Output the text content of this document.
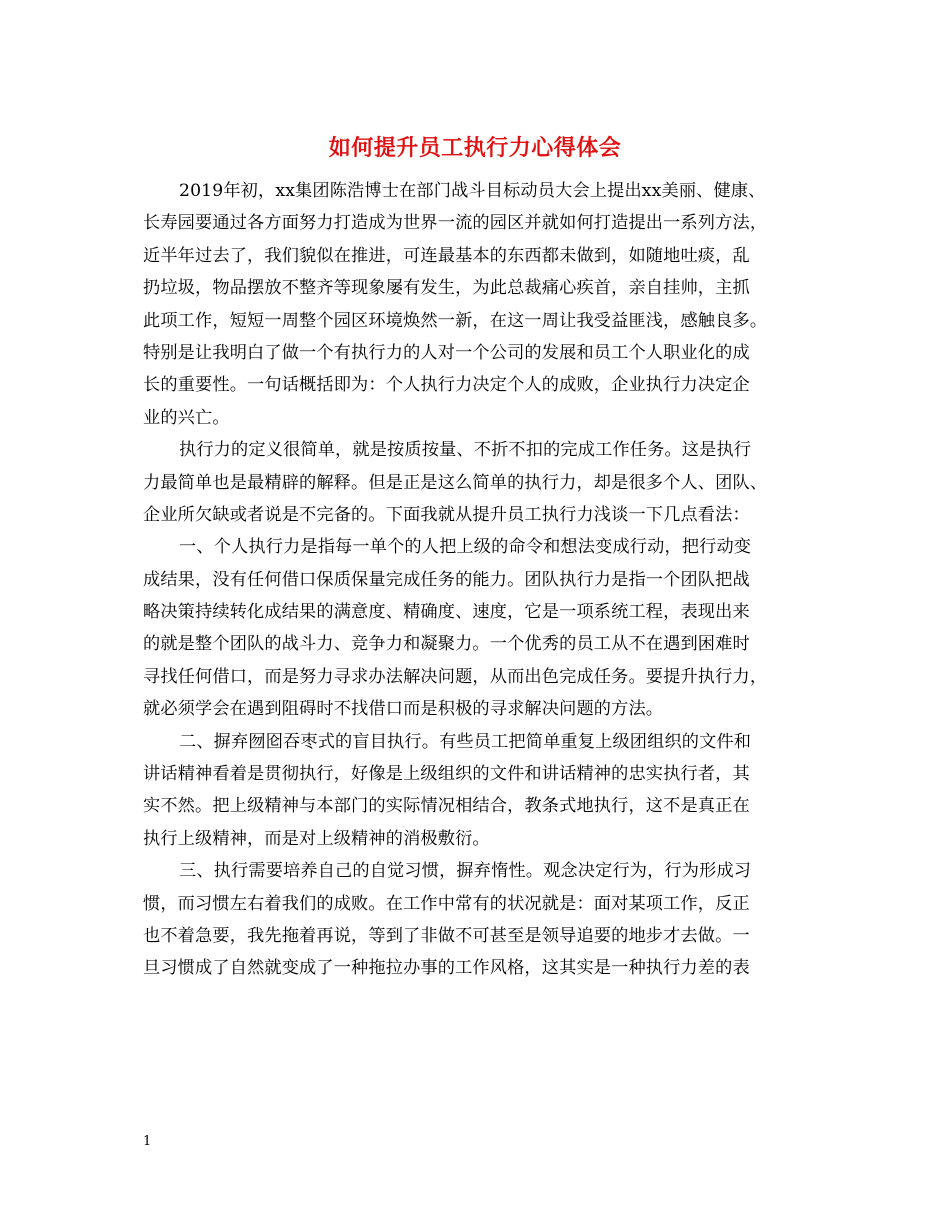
如何提升员工执行力心得体会
2019年初，xx集团陈浩博士在部门战斗目标动员大会上提出xx美丽、健康、
长寿园要通过各方面努力打造成为世界一流的园区并就如何打造提出一系列方法，
近半年过去了，我们貌似在推进，可连最基本的东西都未做到，如随地吐痰，乱
扔垃圾，物品摆放不整齐等现象屡有发生，为此总裁痛心疾首，亲自挂帅，主抓
此项工作，短短一周整个园区环境焕然一新，在这一周让我受益匪浅，感触良多。
特别是让我明白了做一个有执行力的人对一个公司的发展和员工个人职业化的成
长的重要性。一句话概括即为：个人执行力决定个人的成败，企业执行力决定企
业的兴亡。
执行力的定义很简单，就是按质按量、不折不扣的完成工作任务。这是执行
力最简单也是最精辟的解释。但是正是这么简单的执行力，却是很多个人、团队、
企业所欠缺或者说是不完备的。下面我就从提升员工执行力浅谈一下几点看法：
一、个人执行力是指每一单个的人把上级的命令和想法变成行动，把行动变
成结果，没有任何借口保质保量完成任务的能力。团队执行力是指一个团队把战
略决策持续转化成结果的满意度、精确度、速度，它是一项系统工程，表现出来
的就是整个团队的战斗力、竞争力和凝聚力。一个优秀的员工从不在遇到困难时
寻找任何借口，而是努力寻求办法解决问题，从而出色完成任务。要提升执行力，
就必须学会在遇到阻碍时不找借口而是积极的寻求解决问题的方法。
二、摒弃囫囵吞枣式的盲目执行。有些员工把简单重复上级团组织的文件和
讲话精神看着是贯彻执行，好像是上级组织的文件和讲话精神的忠实执行者，其
实不然。把上级精神与本部门的实际情况相结合，教条式地执行，这不是真正在
执行上级精神，而是对上级精神的消极敷衍。
三、执行需要培养自己的自觉习惯，摒弃惰性。观念决定行为，行为形成习
惯，而习惯左右着我们的成败。在工作中常有的状况就是：面对某项工作，反正
也不着急要，我先拖着再说，等到了非做不可甚至是领导追要的地步才去做。一
旦习惯成了自然就变成了一种拖拉办事的工作风格，这其实是一种执行力差的表
1
